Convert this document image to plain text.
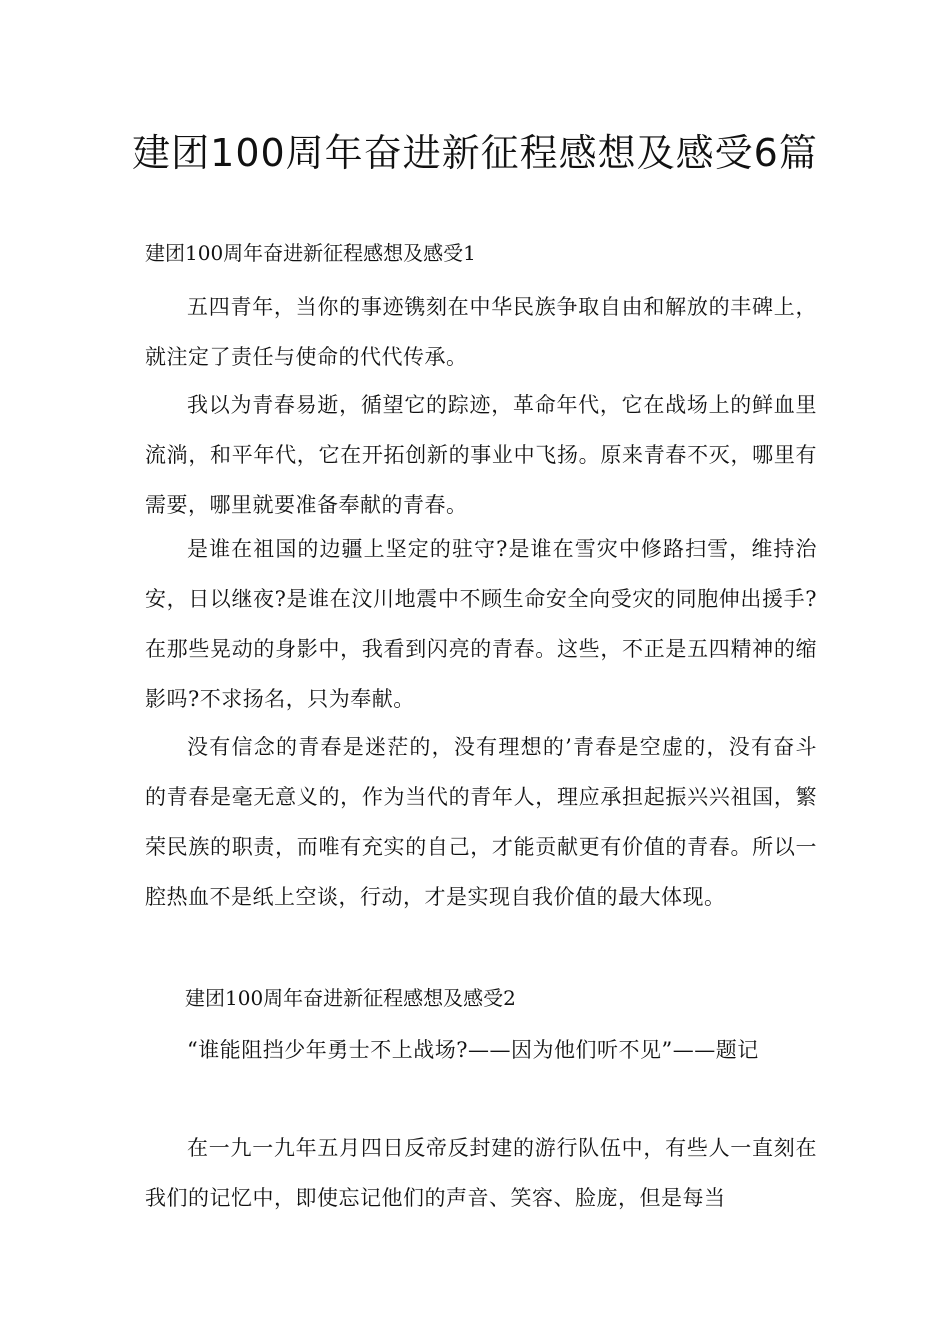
建团100周年奋进新征程感想及感受6篇

建团100周年奋进新征程感想及感受1

五四青年，当你的事迹镌刻在中华民族争取自由和解放的丰碑上，就注定了责任与使命的代代传承。

我以为青春易逝，循望它的踪迹，革命年代，它在战场上的鲜血里流淌，和平年代，它在开拓创新的事业中飞扬。原来青春不灭，哪里有需要，哪里就要准备奉献的青春。

是谁在祖国的边疆上坚定的驻守?是谁在雪灾中修路扫雪，维持治安，日以继夜?是谁在汶川地震中不顾生命安全向受灾的同胞伸出援手?在那些晃动的身影中，我看到闪亮的青春。这些，不正是五四精神的缩影吗?不求扬名，只为奉献。

没有信念的青春是迷茫的，没有理想的’青春是空虚的，没有奋斗的青春是毫无意义的，作为当代的青年人，理应承担起振兴兴祖国，繁荣民族的职责，而唯有充实的自己，才能贡献更有价值的青春。所以一腔热血不是纸上空谈，行动，才是实现自我价值的最大体现。

建团100周年奋进新征程感想及感受2

“谁能阻挡少年勇士不上战场?——因为他们听不见”——题记

在一九一九年五月四日反帝反封建的游行队伍中，有些人一直刻在我们的记忆中，即使忘记他们的声音、笑容、脸庞，但是每当
